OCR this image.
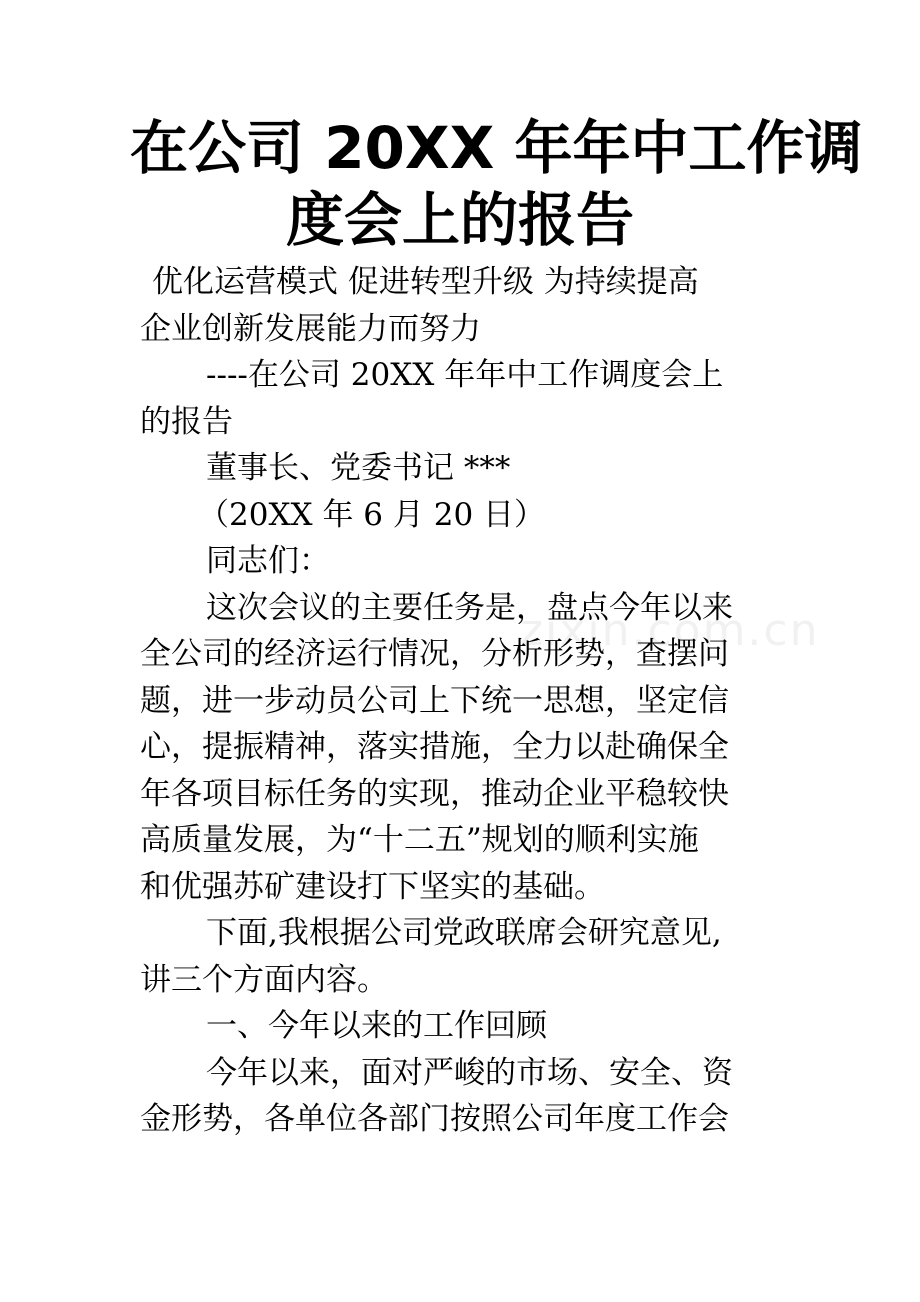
在公司 20XX 年年中工作调
度会上的报告
zixin.com.cn
优化运营模式 促进转型升级 为持续提高
企业创新发展能力而努力
----在公司 20XX 年年中工作调度会上
的报告
董事长、党委书记 ***
（20XX 年 6 月 20 日）
同志们：
这次会议的主要任务是，盘点今年以来
全公司的经济运行情况，分析形势，查摆问
题，进一步动员公司上下统一思想，坚定信
心，提振精神，落实措施，全力以赴确保全
年各项目标任务的实现，推动企业平稳较快
高质量发展，为“十二五”规划的顺利实施
和优强苏矿建设打下坚实的基础。
下面,我根据公司党政联席会研究意见,
讲三个方面内容。
一、今年以来的工作回顾
今年以来，面对严峻的市场、安全、资
金形势，各单位各部门按照公司年度工作会
